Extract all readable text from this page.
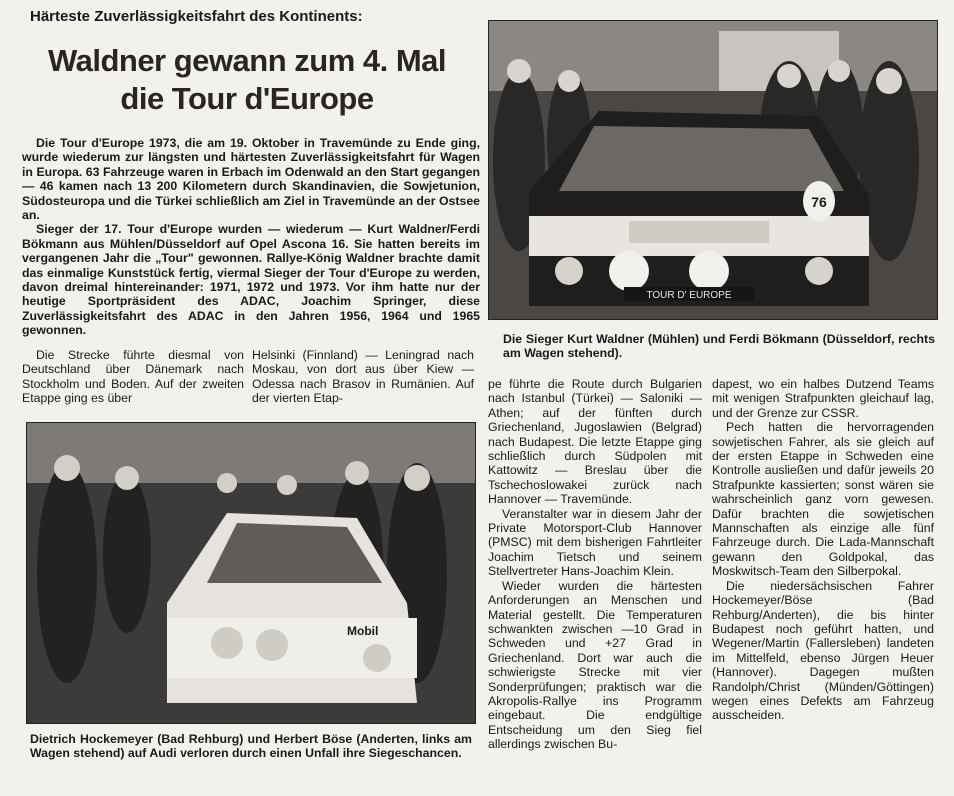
Härteste Zuverlässigkeitsfahrt des Kontinents:
Waldner gewann zum 4. Mal
die Tour d'Europe

Die Tour d'Europe 1973, die am 19. Oktober in Travemünde zu Ende ging, wurde wiederum zur längsten und härtesten Zuverlässigkeitsfahrt für Wagen in Europa. 63 Fahrzeuge waren in Erbach im Odenwald an den Start gegangen — 46 kamen nach 13 200 Kilometern durch Skandinavien, die Sowjetunion, Südosteuropa und die Türkei schließlich am Ziel in Travemünde an der Ostsee an.

Sieger der 17. Tour d'Europe wurden — wiederum — Kurt Waldner/Ferdi Bökmann aus Mühlen/Düsseldorf auf Opel Ascona 16. Sie hatten bereits im vergangenen Jahr die „Tour" gewonnen. Rallye-König Waldner brachte damit das einmalige Kunststück fertig, viermal Sieger der Tour d'Europe zu werden, davon dreimal hintereinander: 1971, 1972 und 1973. Vor ihm hatte nur der heutige Sportpräsident des ADAC, Joachim Springer, diese Zuverlässigkeitsfahrt des ADAC in den Jahren 1956, 1964 und 1965 gewonnen.

TOUR D' EUROPE
76
Die Sieger Kurt Waldner (Mühlen) und Ferdi Bökmann (Düsseldorf, rechts am Wagen stehend).

Die Strecke führte diesmal von Deutschland über Dänemark nach Stockholm und Boden. Auf der zweiten Etappe ging es über

Helsinki (Finnland) — Leningrad nach Moskau, von dort aus über Kiew — Odessa nach Brasov in Rumänien. Auf der vierten Etap-

Mobil
Dietrich Hockemeyer (Bad Rehburg) und Herbert Böse (Anderten, links am Wagen stehend) auf Audi verloren durch einen Unfall ihre Siegeschancen.

pe führte die Route durch Bulgarien nach Istanbul (Türkei) — Saloniki — Athen; auf der fünften durch Griechenland, Jugoslawien (Belgrad) nach Budapest. Die letzte Etappe ging schließlich durch Südpolen mit Kattowitz — Breslau über die Tschechoslowakei zurück nach Hannover — Travemünde.

Veranstalter war in diesem Jahr der Private Motorsport-Club Hannover (PMSC) mit dem bisherigen Fahrtleiter Joachim Tietsch und seinem Stellvertreter Hans-Joachim Klein.

Wieder wurden die härtesten Anforderungen an Menschen und Material gestellt. Die Temperaturen schwankten zwischen —10 Grad in Schweden und +27 Grad in Griechenland. Dort war auch die schwierigste Strecke mit vier Sonderprüfungen; praktisch war die Akropolis-Rallye ins Programm eingebaut. Die endgültige Entscheidung um den Sieg fiel allerdings zwischen Bu-

dapest, wo ein halbes Dutzend Teams mit wenigen Strafpunkten gleichauf lag, und der Grenze zur CSSR.

Pech hatten die hervorragenden sowjetischen Fahrer, als sie gleich auf der ersten Etappe in Schweden eine Kontrolle ausließen und dafür jeweils 20 Strafpunkte kassierten; sonst wären sie wahrscheinlich ganz vorn gewesen. Dafür brachten die sowjetischen Mannschaften als einzige alle fünf Fahrzeuge durch. Die Lada-Mannschaft gewann den Goldpokal, das Moskwitsch-Team den Silberpokal.

Die niedersächsischen Fahrer Hockemeyer/Böse (Bad Rehburg/Anderten), die bis hinter Budapest noch geführt hatten, und Wegener/Martin (Fallersleben) landeten im Mittelfeld, ebenso Jürgen Heuer (Hannover). Dagegen mußten Randolph/Christ (Münden/Göttingen) wegen eines Defekts am Fahrzeug ausscheiden.
